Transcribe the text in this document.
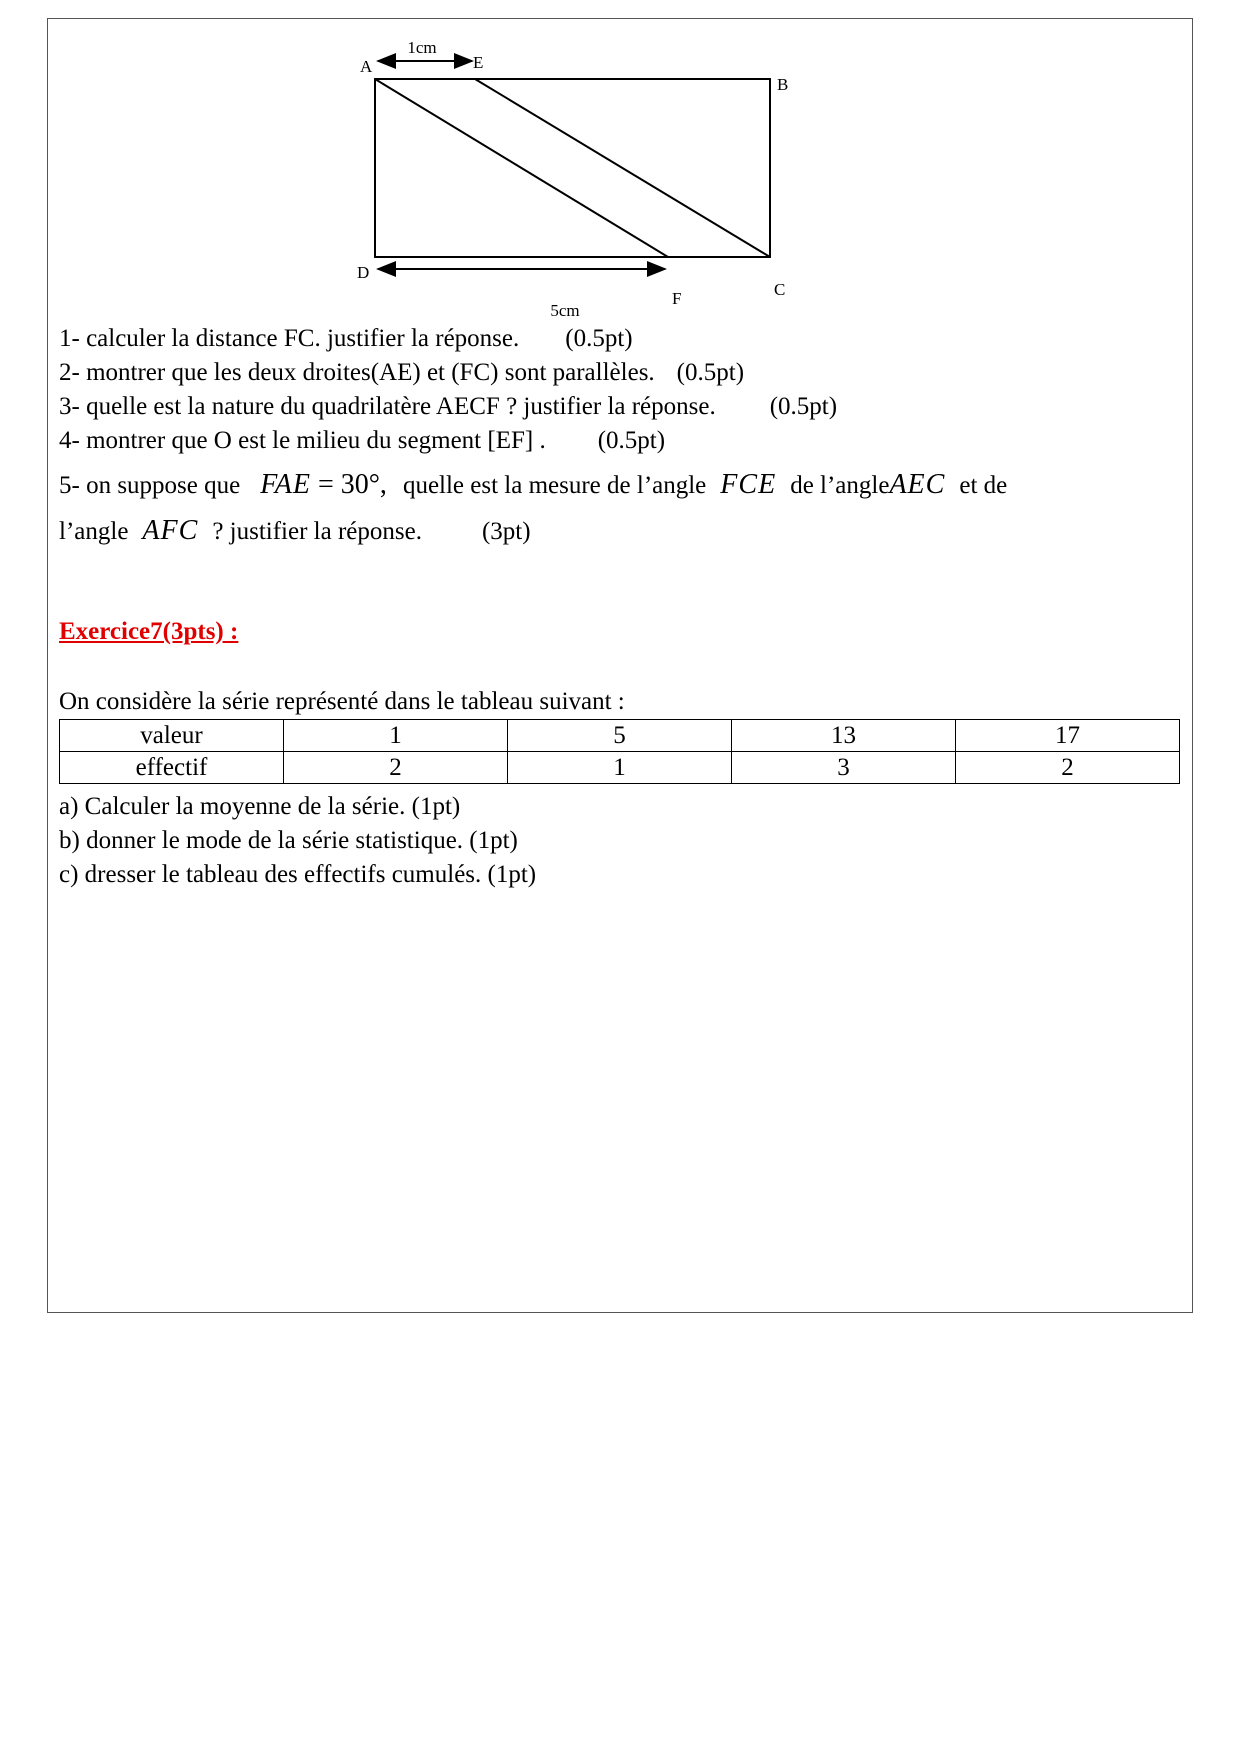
A	E
B
D
F	C
1cm
5cm
1- calculer la distance FC. justifier la réponse. (0.5pt)
2- montrer que les deux droites(AE) et (FC) sont parallèles. (0.5pt)
3- quelle est la nature du quadrilatère AECF ? justifier la réponse. (0.5pt)
4- montrer que O est le milieu du segment [EF] . (0.5pt)
5- on suppose que FAE = 30°, quelle est la mesure de l’angle FCE de l’angleAEC et de
l’angle AFC ? justifier la réponse. (3pt)
Exercice7(3pts) :
On considère la série représenté dans le tableau suivant :
valeur	1	5	13	17
effectif	2	1	3	2
a) Calculer la moyenne de la série. (1pt)
b) donner le mode de la série statistique. (1pt)
c) dresser le tableau des effectifs cumulés. (1pt)
